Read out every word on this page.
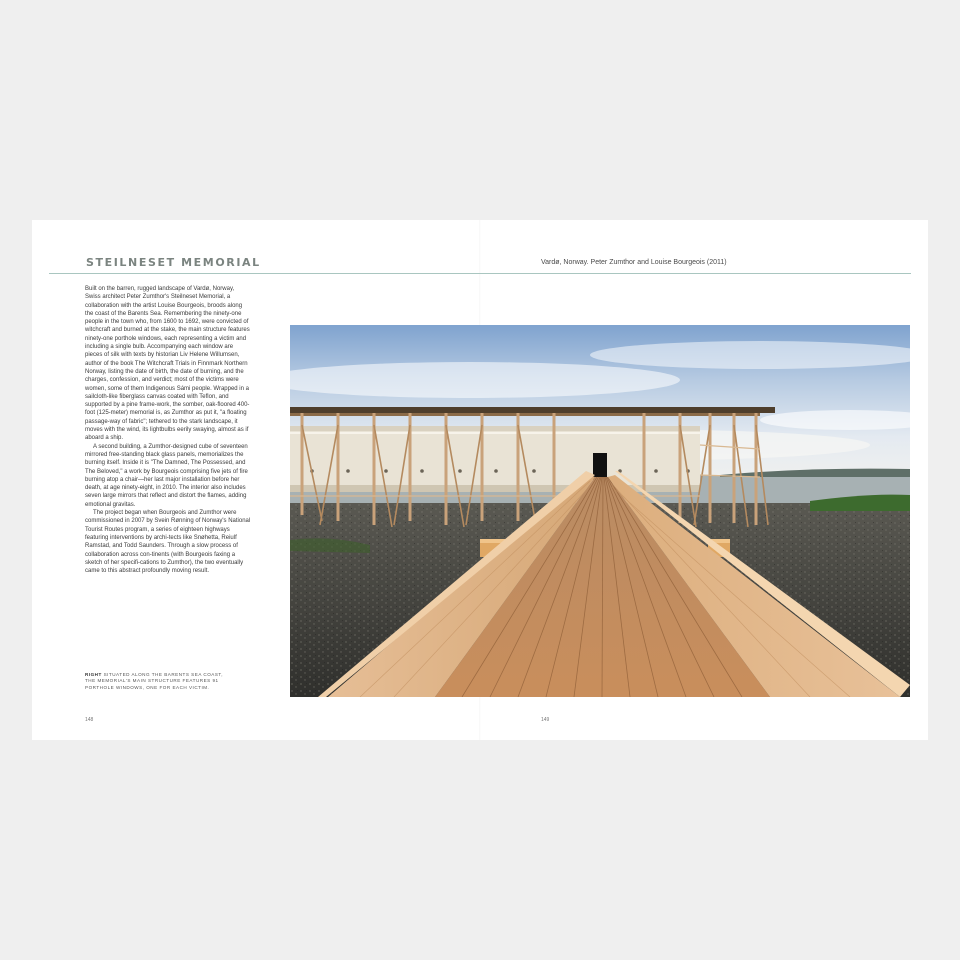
STEILNESET MEMORIAL	Vardø, Norway. Peter Zumthor and Louise Bourgeois (2011)

Built on the barren, rugged landscape of Vardø, Norway, Swiss architect Peter Zumthor's Steilneset Memorial, a collaboration with the artist Louise Bourgeois, broods along the coast of the Barents Sea. Remembering the ninety-one people in the town who, from 1600 to 1692, were convicted of witchcraft and burned at the stake, the main structure features ninety-one porthole windows, each representing a victim and including a single bulb. Accompanying each window are pieces of silk with texts by historian Liv Helene Willumsen, author of the book The Witchcraft Trials in Finnmark Northern Norway, listing the date of birth, the date of burning, and the charges, confession, and verdict; most of the victims were women, some of them Indigenous Sámi people. Wrapped in a sailcloth-like fiberglass canvas coated with Teflon, and supported by a pine frame-work, the somber, oak-floored 400-foot (125-meter) memorial is, as Zumthor as put it, "a floating passage-way of fabric"; tethered to the stark landscape, it moves with the wind, its lightbulbs eerily swaying, almost as if aboard a ship.

A second building, a Zumthor-designed cube of seventeen mirrored free-standing black glass panels, memorializes the burning itself. Inside it is "The Damned, The Possessed, and The Beloved," a work by Bourgeois comprising five jets of fire burning atop a chair—her last major installation before her death, at age ninety-eight, in 2010. The interior also includes seven large mirrors that reflect and distort the flames, adding emotional gravitas.

The project began when Bourgeois and Zumthor were commissioned in 2007 by Svein Rønning of Norway's National Tourist Routes program, a series of eighteen highways featuring interventions by archi-tects like Snøhetta, Reiulf Ramstad, and Todd Saunders. Through a slow process of collaboration across con-tinents (with Bourgeois faxing a sketch of her specifi-cations to Zumthor), the two eventually came to this abstract profoundly moving result.

RIGHT SITUATED ALONG THE BARENTS SEA COAST, THE MEMORIAL'S MAIN STRUCTURE FEATURES 91 PORTHOLE WINDOWS, ONE FOR EACH VICTIM.
148	149
